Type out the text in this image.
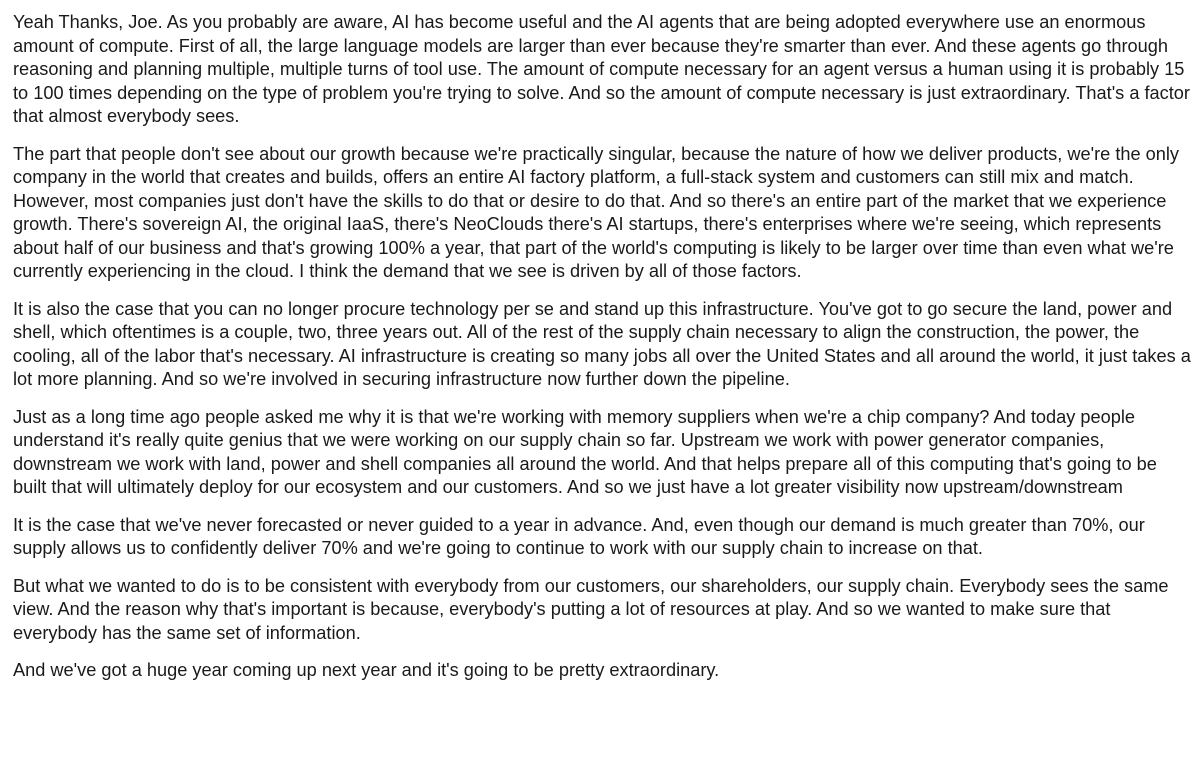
Yeah Thanks, Joe. As you probably are aware, AI has become useful and the AI agents that are being adopted everywhere use an enormous amount of compute. First of all, the large language models are larger than ever because they're smarter than ever. And these agents go through reasoning and planning multiple, multiple turns of tool use. The amount of compute necessary for an agent versus a human using it is probably 15 to 100 times depending on the type of problem you're trying to solve. And so the amount of compute necessary is just extraordinary. That's a factor that almost everybody sees.

The part that people don't see about our growth because we're practically singular, because the nature of how we deliver products, we're the only company in the world that creates and builds, offers an entire AI factory platform, a full-stack system and customers can still mix and match. However, most companies just don't have the skills to do that or desire to do that. And so there's an entire part of the market that we experience growth. There's sovereign AI, the original IaaS, there's NeoClouds there's AI startups, there's enterprises where we're seeing, which represents about half of our business and that's growing 100% a year, that part of the world's computing is likely to be larger over time than even what we're currently experiencing in the cloud. I think the demand that we see is driven by all of those factors.

It is also the case that you can no longer procure technology per se and stand up this infrastructure. You've got to go secure the land, power and shell, which oftentimes is a couple, two, three years out. All of the rest of the supply chain necessary to align the construction, the power, the cooling, all of the labor that's necessary. AI infrastructure is creating so many jobs all over the United States and all around the world, it just takes a lot more planning. And so we're involved in securing infrastructure now further down the pipeline.

Just as a long time ago people asked me why it is that we're working with memory suppliers when we're a chip company? And today people understand it's really quite genius that we were working on our supply chain so far. Upstream we work with power generator companies, downstream we work with land, power and shell companies all around the world. And that helps prepare all of this computing that's going to be built that will ultimately deploy for our ecosystem and our customers. And so we just have a lot greater visibility now upstream/downstream

It is the case that we've never forecasted or never guided to a year in advance. And, even though our demand is much greater than 70%, our supply allows us to confidently deliver 70% and we're going to continue to work with our supply chain to increase on that.

But what we wanted to do is to be consistent with everybody from our customers, our shareholders, our supply chain. Everybody sees the same view. And the reason why that's important is because, everybody's putting a lot of resources at play. And so we wanted to make sure that everybody has the same set of information.

And we've got a huge year coming up next year and it's going to be pretty extraordinary.
